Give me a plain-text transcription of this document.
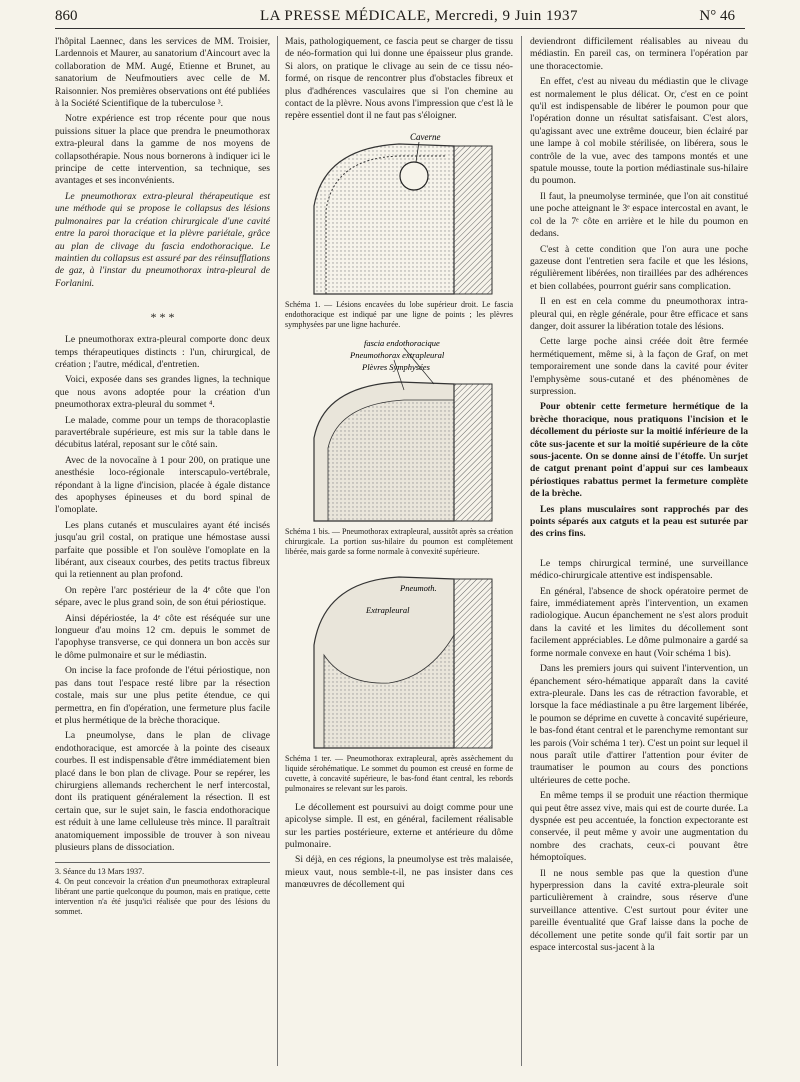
860	LA PRESSE MÉDICALE, Mercredi, 9 Juin 1937	N° 46

l'hôpital Laennec, dans les services de MM. Troisier, Lardennois et Maurer, au sanatorium d'Aincourt avec la collaboration de MM. Augé, Etienne et Brunet, au sanatorium de Neufmoutiers avec celle de M. Raisonnier. Nos premières observations ont été publiées à la Société Scientifique de la tuberculose ³.

Notre expérience est trop récente pour que nous puissions situer la place que prendra le pneumothorax extra-pleural dans la gamme de nos moyens de collapsothérapie. Nous nous bornerons à indiquer ici le principe de cette intervention, sa technique, ses avantages et ses inconvénients.

Le pneumothorax extra-pleural thérapeutique est une méthode qui se propose le collapsus des lésions pulmonaires par la création chirurgicale d'une cavité entre la paroi thoracique et la plèvre pariétale, grâce au plan de clivage du fascia endothoracique. Le maintien du collapsus est assuré par des réinsufflations de gaz, à l'instar du pneumothorax intra-pleural de Forlanini.

* * *

Le pneumothorax extra-pleural comporte donc deux temps thérapeutiques distincts : l'un, chirurgical, de création ; l'autre, médical, d'entretien.

Voici, exposée dans ses grandes lignes, la technique que nous avons adoptée pour la création d'un pneumothorax extra-pleural du sommet ⁴.

Le malade, comme pour un temps de thoracoplastie paravertébrale supérieure, est mis sur la table dans le décubitus latéral, reposant sur le côté sain.

Avec de la novocaïne à 1 pour 200, on pratique une anesthésie loco-régionale interscapulo-vertébrale, répondant à la ligne d'incision, placée à égale distance des apophyses épineuses et du bord spinal de l'omoplate.

Les plans cutanés et musculaires ayant été incisés jusqu'au gril costal, on pratique une hémostase aussi parfaite que possible et l'on soulève l'omoplate en la libérant, aux ciseaux courbes, des petits tractus fibreux qui la retiennent au plan profond.

On repère l'arc postérieur de la 4ᵉ côte que l'on sépare, avec le plus grand soin, de son étui périostique.

Ainsi dépériostée, la 4ᵉ côte est réséquée sur une longueur d'au moins 12 cm. depuis le sommet de l'apophyse transverse, ce qui donnera un bon accès sur le dôme pulmonaire et sur le médiastin.

On incise la face profonde de l'étui périostique, non pas dans tout l'espace resté libre par la résection costale, mais sur une plus petite étendue, ce qui permettra, en fin d'opération, une fermeture plus facile et plus hermétique de la brèche thoracique.

La pneumolyse, dans le plan de clivage endothoracique, est amorcée à la pointe des ciseaux courbes. Il est indispensable d'être immédiatement bien placé dans le bon plan de clivage. Pour se repérer, les chirurgiens allemands recherchent le nerf intercostal, dont ils pratiquent généralement la résection. Il est certain que, sur le sujet sain, le fascia endothoracique est réduit à une lame celluleuse très mince. Il paraîtrait anatomiquement impossible de trouver à son niveau plusieurs plans de dissociation.

3. Séance du 13 Mars 1937.
4. On peut concevoir la création d'un pneumothorax extrapleural libérant une partie quelconque du poumon, mais en pratique, cette intervention n'a été jusqu'ici réalisée que pour des lésions du sommet.

Mais, pathologiquement, ce fascia peut se charger de tissu de néo-formation qui lui donne une épaisseur plus grande. Si alors, on pratique le clivage au sein de ce tissu néo-formé, on risque de rencontrer plus d'obstacles fibreux et plus d'adhérences vasculaires que si l'on chemine au contact de la plèvre. Nous avons l'impression que c'est là le repère essentiel dont il ne faut pas s'éloigner.

Caverne
Schéma 1. — Lésions encavées du lobe supérieur droit. Le fascia endothoracique est indiqué par une ligne de points ; les plèvres symphysées par une ligne hachurée.
fascia endothoracique
Pneumothorax extrapleural
Plèvres Symphysées
Schéma 1 bis. — Pneumothorax extrapleural, aussitôt après sa création chirurgicale. La portion sus-hilaire du poumon est complètement libérée, mais garde sa forme normale à convexité supérieure.
Pneumoth.
Extrapleural
Schéma 1 ter. — Pneumothorax extrapleural, après assèchement du liquide sérohématique. Le sommet du poumon est creusé en forme de cuvette, à concavité supérieure, le bas-fond étant central, les rebords pulmonaires se relevant sur les parois.

Le décollement est poursuivi au doigt comme pour une apicolyse simple. Il est, en général, facilement réalisable sur les parties postérieure, externe et antérieure du dôme pulmonaire.

Si déjà, en ces régions, la pneumolyse est très malaisée, mieux vaut, nous semble-t-il, ne pas insister dans ces manœuvres de décollement qui

deviendront difficilement réalisables au niveau du médiastin. En pareil cas, on terminera l'opération par une thoracectomie.

En effet, c'est au niveau du médiastin que le clivage est normalement le plus délicat. Or, c'est en ce point qu'il est indispensable de libérer le poumon pour que l'opération donne un résultat satisfaisant. C'est alors, qu'agissant avec une extrême douceur, bien éclairé par une lampe à col mobile stérilisée, on libérera, sous le contrôle de la vue, avec des tampons montés et une spatule mousse, toute la portion médiastinale sus-hilaire du poumon.

Il faut, la pneumolyse terminée, que l'on ait constitué une poche atteignant le 3ᵉ espace intercostal en avant, le col de la 7ᵉ côte en arrière et le hile du poumon en dedans.

C'est à cette condition que l'on aura une poche gazeuse dont l'entretien sera facile et que les lésions, régulièrement libérées, non tiraillées par des adhérences et bien collabées, pourront guérir sans complication.

Il en est en cela comme du pneumothorax intra-pleural qui, en règle générale, pour être efficace et sans danger, doit assurer la libération totale des lésions.

Cette large poche ainsi créée doit être fermée hermétiquement, même si, à la façon de Graf, on met temporairement une sonde dans la cavité pour éviter l'emphysème sous-cutané et des phénomènes de surpression.

Pour obtenir cette fermeture hermétique de la brèche thoracique, nous pratiquons l'incision et le décollement du périoste sur la moitié inférieure de la côte sus-jacente et sur la moitié supérieure de la côte sous-jacente. On se donne ainsi de l'étoffe. Un surjet de catgut prenant point d'appui sur ces lambeaux périostiques rabattus permet la fermeture complète de la brèche.

Les plans musculaires sont rapprochés par des points séparés aux catguts et la peau est suturée par des crins fins.

Le temps chirurgical terminé, une surveillance médico-chirurgicale attentive est indispensable.

En général, l'absence de shock opératoire permet de faire, immédiatement après l'intervention, un examen radiologique. Aucun épanchement ne s'est alors produit dans la cavité et les limites du décollement sont facilement appréciables. Le dôme pulmonaire a gardé sa forme normale convexe en haut (Voir schéma 1 bis).

Dans les premiers jours qui suivent l'intervention, un épanchement séro-hématique apparaît dans la cavité extra-pleurale. Dans les cas de rétraction favorable, et lorsque la face médiastinale a pu être largement libérée, le poumon se déprime en cuvette à concavité supérieure, le bas-fond étant central et le parenchyme remontant sur les parois (Voir schéma 1 ter). C'est un point sur lequel il nous paraît utile d'attirer l'attention pour éviter de traumatiser le poumon au cours des ponctions ultérieures de cette poche.

En même temps il se produit une réaction thermique qui peut être assez vive, mais qui est de courte durée. La dyspnée est peu accentuée, la fonction expectorante est conservée, il peut même y avoir une augmentation du nombre des crachats, ceux-ci pouvant être hémoptoïques.

Il ne nous semble pas que la question d'une hyperpression dans la cavité extra-pleurale soit particulièrement à craindre, sous réserve d'une surveillance attentive. C'est surtout pour éviter une pareille éventualité que Graf laisse dans la poche de décollement une petite sonde qu'il fait sortir par un espace intercostal sus-jacent à la
